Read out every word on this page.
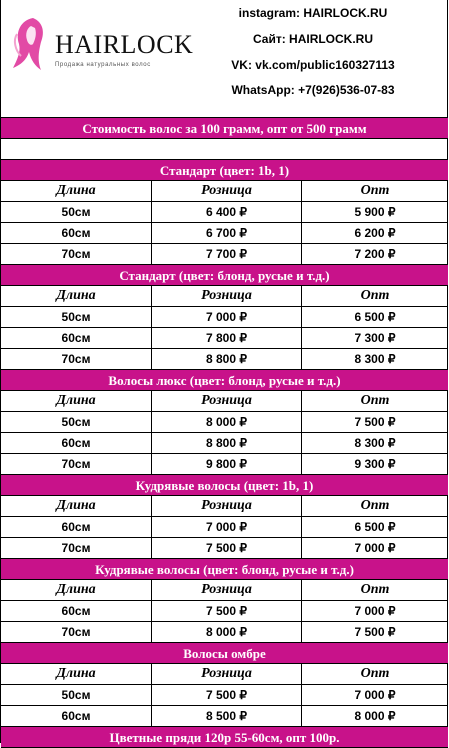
HAIRLOCK
Продажа натуральных волос
instagram: HAIRLOCK.RU
Сайт: HAIRLOCK.RU
VK: vk.com/public160327113
WhatsApp: +7(926)536-07-83
Стоимость волос за 100 грамм, опт от 500 грамм
Стандарт (цвет: 1b, 1)
Длина	Розница	Опт
50см	6 400 ₽	5 900 ₽
60см	6 700 ₽	6 200 ₽
70см	7 700 ₽	7 200 ₽
Стандарт (цвет: блонд, русые и т.д.)
Длина	Розница	Опт
50см	7 000 ₽	6 500 ₽
60см	7 800 ₽	7 300 ₽
70см	8 800 ₽	8 300 ₽
Волосы люкс (цвет: блонд, русые и т.д.)
Длина	Розница	Опт
50см	8 000 ₽	7 500 ₽
60см	8 800 ₽	8 300 ₽
70см	9 800 ₽	9 300 ₽
Кудрявые волосы (цвет: 1b, 1)
Длина	Розница	Опт
60см	7 000 ₽	6 500 ₽
70см	7 500 ₽	7 000 ₽
Кудрявые волосы (цвет: блонд, русые и т.д.)
Длина	Розница	Опт
60см	7 500 ₽	7 000 ₽
70см	8 000 ₽	7 500 ₽
Волосы омбре
Длина	Розница	Опт
50см	7 500 ₽	7 000 ₽
60см	8 500 ₽	8 000 ₽
Цветные пряди 120р 55-60см, опт 100р.
